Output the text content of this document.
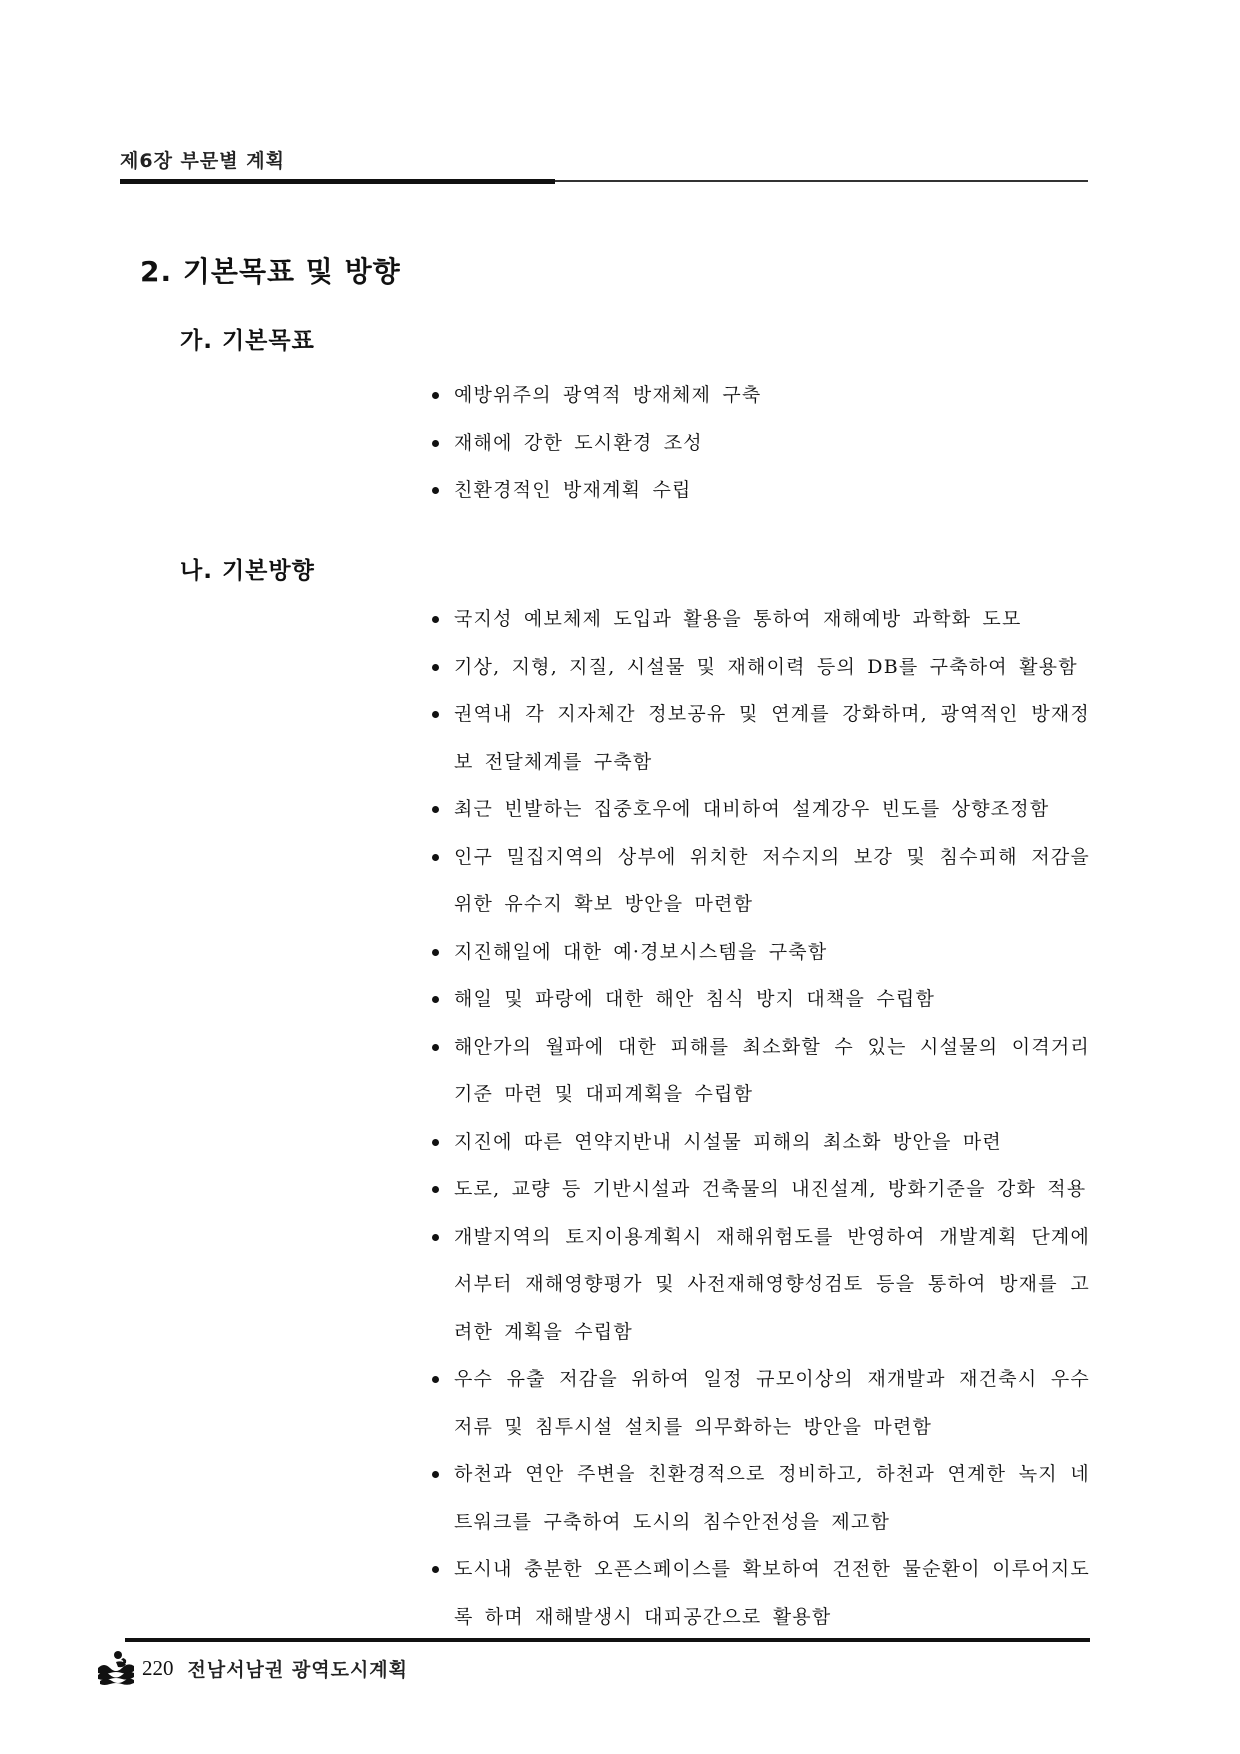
제6장 부문별 계획
2. 기본목표 및 방향
가. 기본목표
예방위주의 광역적 방재체제 구축
재해에 강한 도시환경 조성
친환경적인 방재계획 수립
나. 기본방향
국지성 예보체제 도입과 활용을 통하여 재해예방 과학화 도모
기상, 지형, 지질, 시설물 및 재해이력 등의 DB를 구축하여 활용함
권역내 각 지자체간 정보공유 및 연계를 강화하며, 광역적인 방재정보 전달체계를 구축함
최근 빈발하는 집중호우에 대비하여 설계강우 빈도를 상향조정함
인구 밀집지역의 상부에 위치한 저수지의 보강 및 침수피해 저감을 위한 유수지 확보 방안을 마련함
지진해일에 대한 예·경보시스템을 구축함
해일 및 파랑에 대한 해안 침식 방지 대책을 수립함
해안가의 월파에 대한 피해를 최소화할 수 있는 시설물의 이격거리 기준 마련 및 대피계획을 수립함
지진에 따른 연약지반내 시설물 피해의 최소화 방안을 마련
도로, 교량 등 기반시설과 건축물의 내진설계, 방화기준을 강화 적용
개발지역의 토지이용계획시 재해위험도를 반영하여 개발계획 단계에서부터 재해영향평가 및 사전재해영향성검토 등을 통하여 방재를 고려한 계획을 수립함
우수 유출 저감을 위하여 일정 규모이상의 재개발과 재건축시 우수 저류 및 침투시설 설치를 의무화하는 방안을 마련함
하천과 연안 주변을 친환경적으로 정비하고, 하천과 연계한 녹지 네트워크를 구축하여 도시의 침수안전성을 제고함
도시내 충분한 오픈스페이스를 확보하여 건전한 물순환이 이루어지도록 하며 재해발생시 대피공간으로 활용함
220 전남서남권 광역도시계획
